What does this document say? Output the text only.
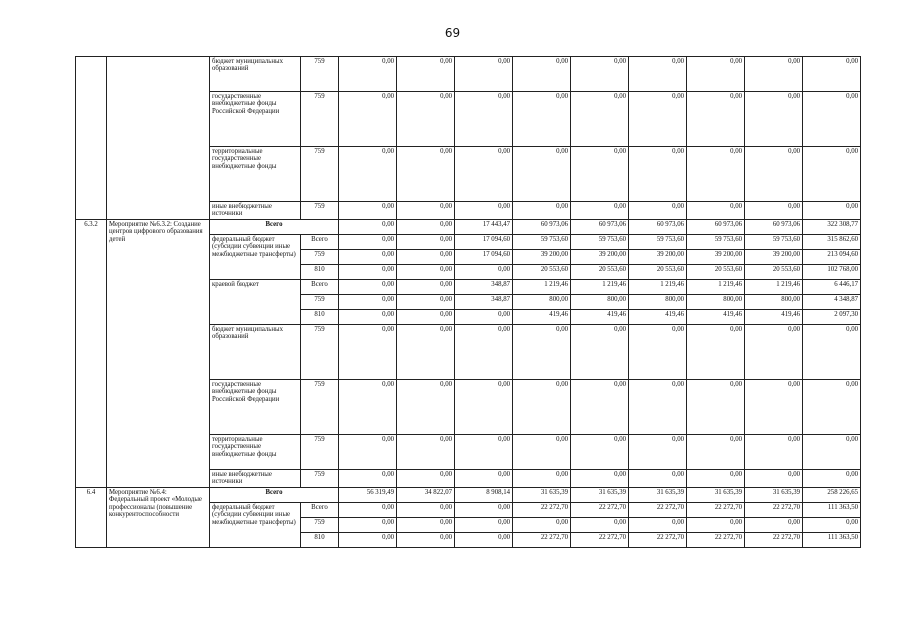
69
		бюджет муниципальных образований	759	0,00	0,00	0,00	0,00	0,00	0,00	0,00	0,00	0,00
		государственные внебюджетные фонды Российской Федерации	759	0,00	0,00	0,00	0,00	0,00	0,00	0,00	0,00	0,00
		территориальные государственные внебюджетные фонды	759	0,00	0,00	0,00	0,00	0,00	0,00	0,00	0,00	0,00
		иные внебюджетные источники	759	0,00	0,00	0,00	0,00	0,00	0,00	0,00	0,00	0,00
6.3.2	Мероприятие №6.3.2: Создание центров цифрового образования детей	Всего		0,00	0,00	17 443,47	60 973,06	60 973,06	60 973,06	60 973,06	60 973,06	322 308,77
		федеральный бюджет (субсидии субвенции иные межбюджетные трансферты)	Всего	0,00	0,00	17 094,60	59 753,60	59 753,60	59 753,60	59 753,60	59 753,60	315 862,60
			759	0,00	0,00	17 094,60	39 200,00	39 200,00	39 200,00	39 200,00	39 200,00	213 094,60
			810	0,00	0,00	0,00	20 553,60	20 553,60	20 553,60	20 553,60	20 553,60	102 768,00
		краевой бюджет	Всего	0,00	0,00	348,87	1 219,46	1 219,46	1 219,46	1 219,46	1 219,46	6 446,17
			759	0,00	0,00	348,87	800,00	800,00	800,00	800,00	800,00	4 348,87
			810	0,00	0,00	0,00	419,46	419,46	419,46	419,46	419,46	2 097,30
		бюджет муниципальных образований	759	0,00	0,00	0,00	0,00	0,00	0,00	0,00	0,00	0,00
		государственные внебюджетные фонды Российской Федерации	759	0,00	0,00	0,00	0,00	0,00	0,00	0,00	0,00	0,00
		территориальные государственные внебюджетные фонды	759	0,00	0,00	0,00	0,00	0,00	0,00	0,00	0,00	0,00
		иные внебюджетные источники	759	0,00	0,00	0,00	0,00	0,00	0,00	0,00	0,00	0,00
6.4	Мероприятие №6.4: Федеральный проект «Молодые профессионалы (повышение конкурентоспособности	Всего		56 319,49	34 822,07	8 908,14	31 635,39	31 635,39	31 635,39	31 635,39	31 635,39	258 226,65
		федеральный бюджет (субсидии субвенции иные межбюджетные трансферты)	Всего	0,00	0,00	0,00	22 272,70	22 272,70	22 272,70	22 272,70	22 272,70	111 363,50
			759	0,00	0,00	0,00	0,00	0,00	0,00	0,00	0,00	0,00
			810	0,00	0,00	0,00	22 272,70	22 272,70	22 272,70	22 272,70	22 272,70	111 363,50
